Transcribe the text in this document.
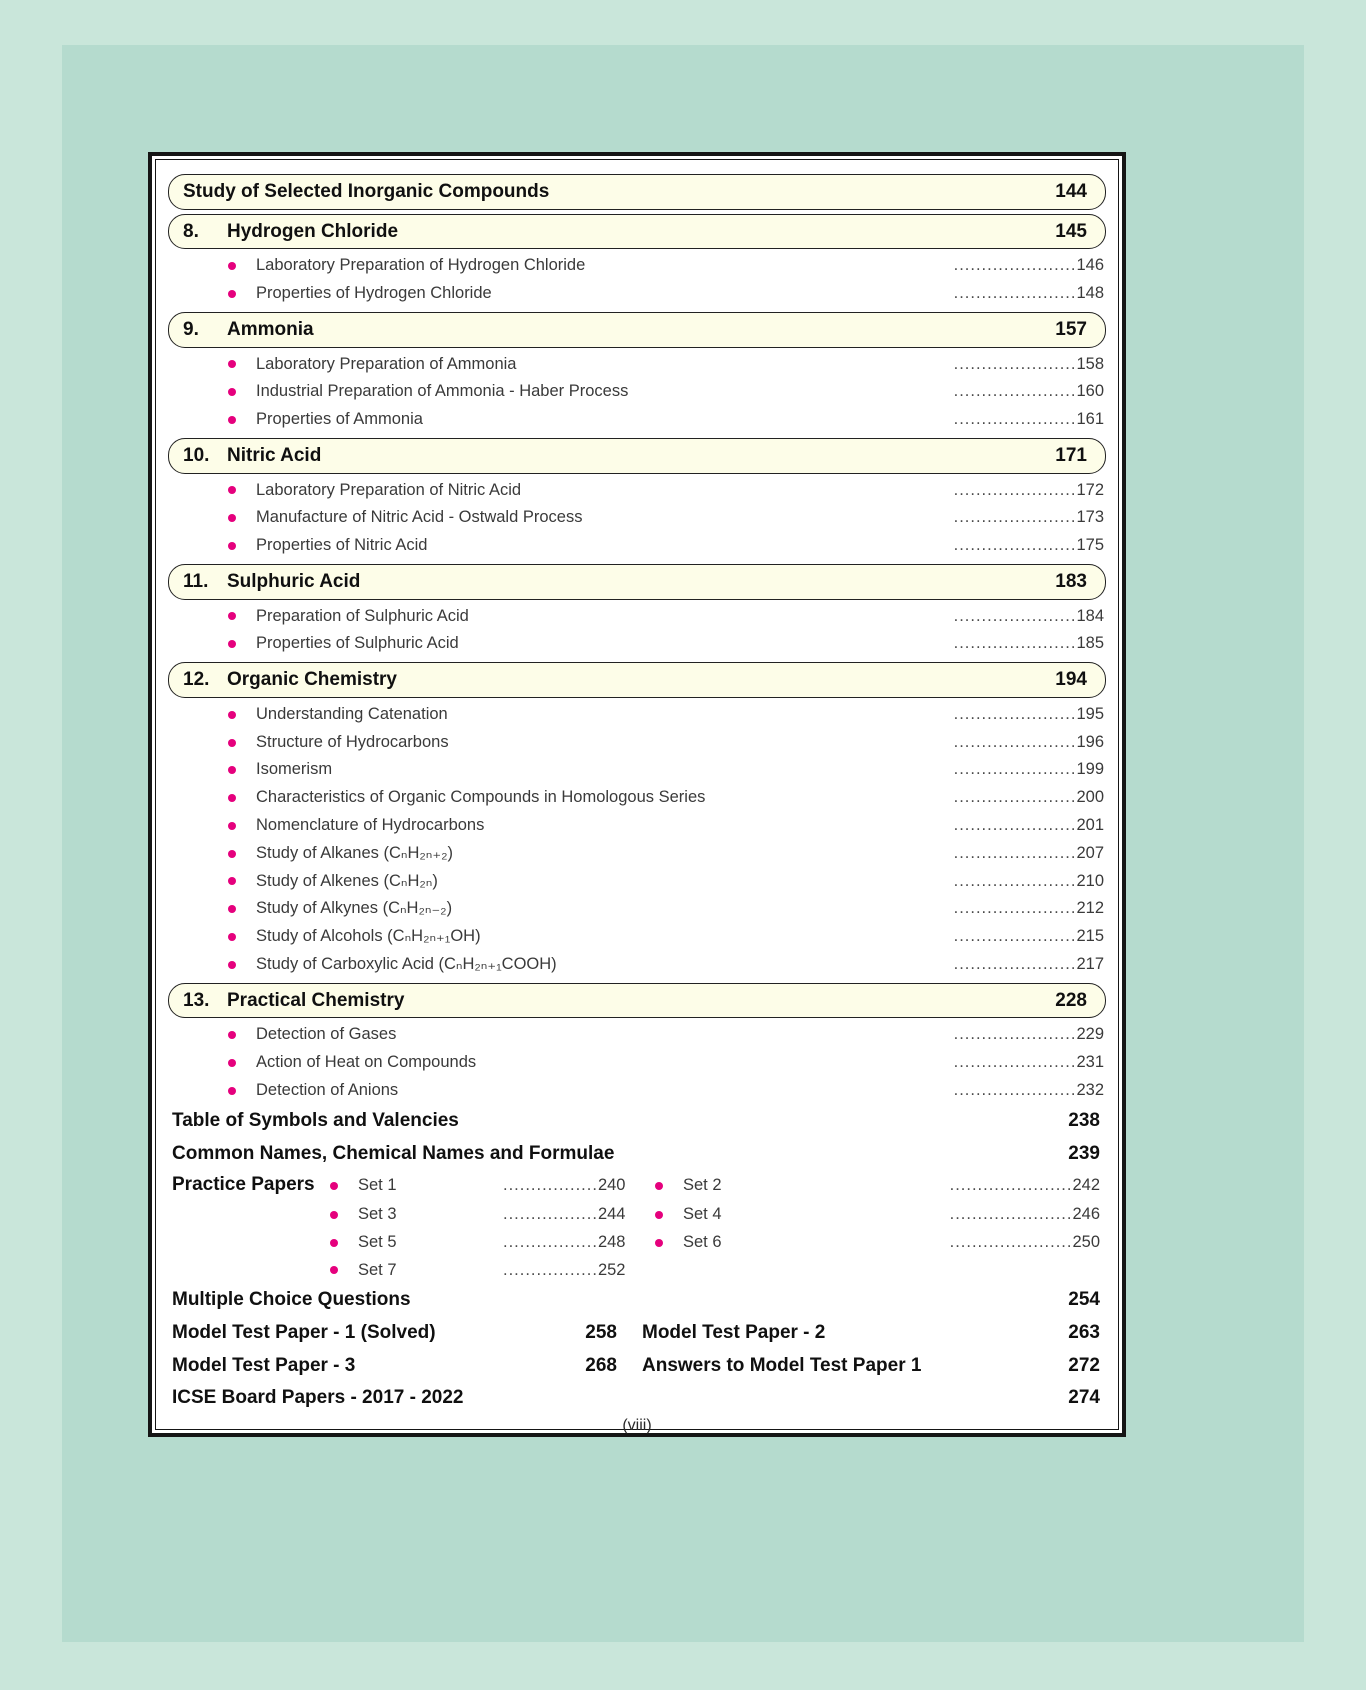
Study of Selected Inorganic Compounds	144
8.	Hydrogen Chloride	145
Laboratory Preparation of Hydrogen Chloride	......................146
Properties of Hydrogen Chloride	......................148
9.	Ammonia	157
Laboratory Preparation of Ammonia	......................158
Industrial Preparation of Ammonia - Haber Process	......................160
Properties of Ammonia	......................161
10. Nitric Acid	171
Laboratory Preparation of Nitric Acid	......................172
Manufacture of Nitric Acid - Ostwald Process	......................173
Properties of Nitric Acid	......................175
11. Sulphuric Acid	183
Preparation of Sulphuric Acid	......................184
Properties of Sulphuric Acid	......................185
12. Organic Chemistry	194
Understanding Catenation	......................195
Structure of Hydrocarbons	......................196
Isomerism	......................199
Characteristics of Organic Compounds in Homologous Series	......................200
Nomenclature of Hydrocarbons	......................201
Study of Alkanes (CₙH₂ₙ₊₂)	......................207
Study of Alkenes (CₙH₂ₙ)	......................210
Study of Alkynes (CₙH₂ₙ₋₂)	......................212
Study of Alcohols (CₙH₂ₙ₊₁OH)	......................215
Study of Carboxylic Acid (CₙH₂ₙ₊₁COOH)	......................217
13. Practical Chemistry	228
Detection of Gases	......................229
Action of Heat on Compounds	......................231
Detection of Anions	......................232
Table of Symbols and Valencies	238
Common Names, Chemical Names and Formulae	239
Practice Papers	Set 1	................. 240	Set 2	......................242
Set 3	................. 244	Set 4	......................246
Set 5	................. 248	Set 6	......................250
Set 7	................. 252
Multiple Choice Questions	254
Model Test Paper - 1 (Solved)	258 Model Test Paper - 2	263
Model Test Paper - 3	268 Answers to Model Test Paper 1	272
ICSE Board Papers - 2017 - 2022	274
(viii)
